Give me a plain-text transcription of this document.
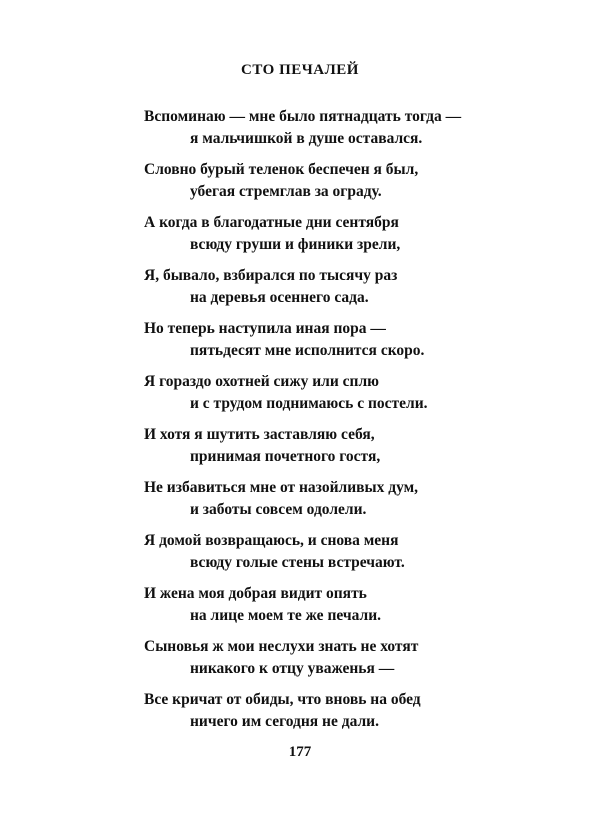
СТО ПЕЧАЛЕЙ

Вспоминаю — мне было пятнадцать тогда —
я мальчишкой в душе оставался.

Словно бурый теленок беспечен я был,
убегая стремглав за ограду.

А когда в благодатные дни сентября
всюду груши и финики зрели,

Я, бывало, взбирался по тысячу раз
на деревья осеннего сада.

Но теперь наступила иная пора —
пятьдесят мне исполнится скоро.

Я гораздо охотней сижу или сплю
и с трудом поднимаюсь с постели.

И хотя я шутить заставляю себя,
принимая почетного гостя,

Не избавиться мне от назойливых дум,
и заботы совсем одолели.

Я домой возвращаюсь, и снова меня
всюду голые стены встречают.

И жена моя добрая видит опять
на лице моем те же печали.

Сыновья ж мои неслухи знать не хотят
никакого к отцу уваженья —

Все кричат от обиды, что вновь на обед
ничего им сегодня не дали.

177
